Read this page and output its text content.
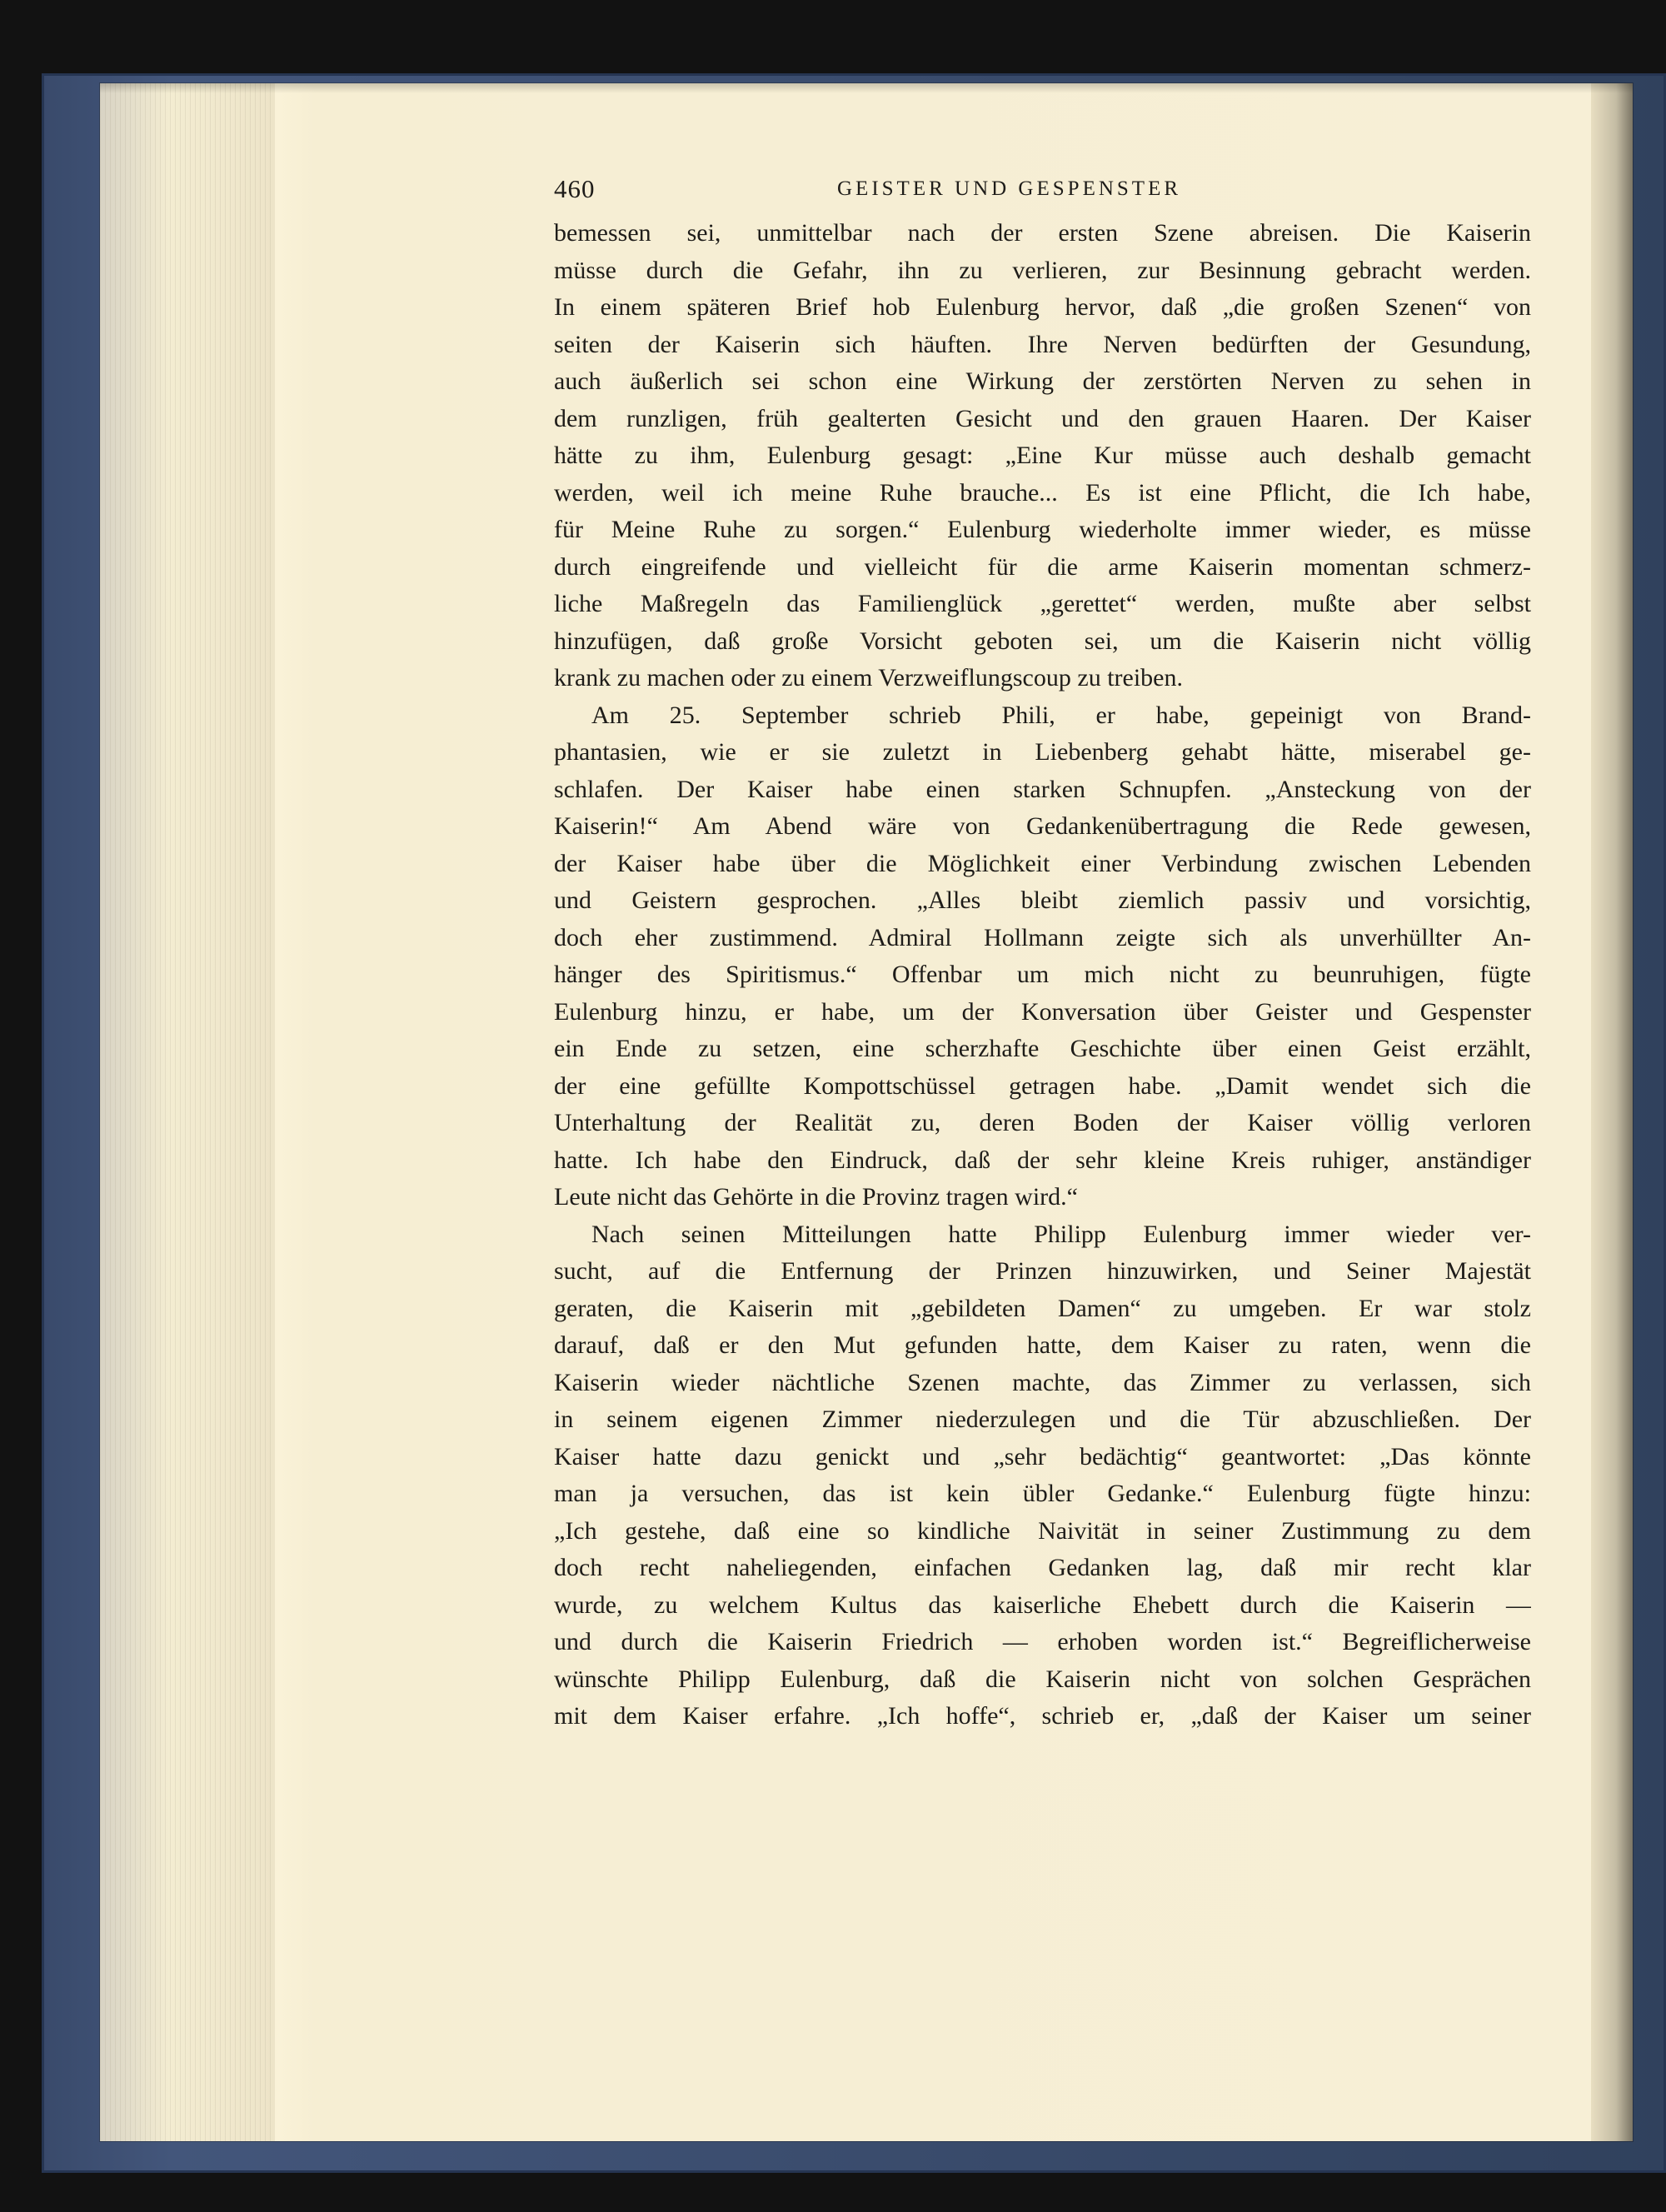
460	GEISTER UND GESPENSTER
bemessen sei, unmittelbar nach der ersten Szene abreisen. Die Kaiserin
müsse durch die Gefahr, ihn zu verlieren, zur Besinnung gebracht werden.
In einem späteren Brief hob Eulenburg hervor, daß „die großen Szenen“ von
seiten der Kaiserin sich häuften. Ihre Nerven bedürften der Gesundung,
auch äußerlich sei schon eine Wirkung der zerstörten Nerven zu sehen in
dem runzligen, früh gealterten Gesicht und den grauen Haaren. Der Kaiser
hätte zu ihm, Eulenburg gesagt: „Eine Kur müsse auch deshalb gemacht
werden, weil ich meine Ruhe brauche... Es ist eine Pflicht, die Ich habe,
für Meine Ruhe zu sorgen.“ Eulenburg wiederholte immer wieder, es müsse
durch eingreifende und vielleicht für die arme Kaiserin momentan schmerz-
liche Maßregeln das Familienglück „gerettet“ werden, mußte aber selbst
hinzufügen, daß große Vorsicht geboten sei, um die Kaiserin nicht völlig
krank zu machen oder zu einem Verzweiflungscoup zu treiben.
Am 25. September schrieb Phili, er habe, gepeinigt von Brand-
phantasien, wie er sie zuletzt in Liebenberg gehabt hätte, miserabel ge-
schlafen. Der Kaiser habe einen starken Schnupfen. „Ansteckung von der
Kaiserin!“ Am Abend wäre von Gedankenübertragung die Rede gewesen,
der Kaiser habe über die Möglichkeit einer Verbindung zwischen Lebenden
und Geistern gesprochen. „Alles bleibt ziemlich passiv und vorsichtig,
doch eher zustimmend. Admiral Hollmann zeigte sich als unverhüllter An-
hänger des Spiritismus.“ Offenbar um mich nicht zu beunruhigen, fügte
Eulenburg hinzu, er habe, um der Konversation über Geister und Gespenster
ein Ende zu setzen, eine scherzhafte Geschichte über einen Geist erzählt,
der eine gefüllte Kompottschüssel getragen habe. „Damit wendet sich die
Unterhaltung der Realität zu, deren Boden der Kaiser völlig verloren
hatte. Ich habe den Eindruck, daß der sehr kleine Kreis ruhiger, anständiger
Leute nicht das Gehörte in die Provinz tragen wird.“
Nach seinen Mitteilungen hatte Philipp Eulenburg immer wieder ver-
sucht, auf die Entfernung der Prinzen hinzuwirken, und Seiner Majestät
geraten, die Kaiserin mit „gebildeten Damen“ zu umgeben. Er war stolz
darauf, daß er den Mut gefunden hatte, dem Kaiser zu raten, wenn die
Kaiserin wieder nächtliche Szenen machte, das Zimmer zu verlassen, sich
in seinem eigenen Zimmer niederzulegen und die Tür abzuschließen. Der
Kaiser hatte dazu genickt und „sehr bedächtig“ geantwortet: „Das könnte
man ja versuchen, das ist kein übler Gedanke.“ Eulenburg fügte hinzu:
„Ich gestehe, daß eine so kindliche Naivität in seiner Zustimmung zu dem
doch recht naheliegenden, einfachen Gedanken lag, daß mir recht klar
wurde, zu welchem Kultus das kaiserliche Ehebett durch die Kaiserin —
und durch die Kaiserin Friedrich — erhoben worden ist.“ Begreiflicherweise
wünschte Philipp Eulenburg, daß die Kaiserin nicht von solchen Gesprächen
mit dem Kaiser erfahre. „Ich hoffe“, schrieb er, „daß der Kaiser um seiner
